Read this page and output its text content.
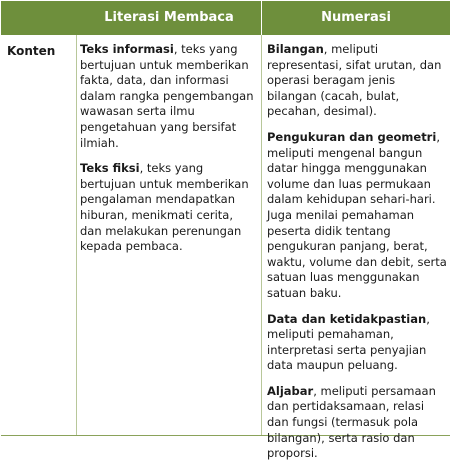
Literasi Membaca	Numerasi
Konten Teks informasi, teks yang bertujuan untuk memberikan fakta, data, dan informasi dalam rangka pengembangan wawasan serta ilmu pengetahuan yang bersifat ilmiah.
Teks fiksi, teks yang bertujuan untuk memberikan pengalaman mendapatkan hiburan, menikmati cerita, dan melakukan perenungan kepada pembaca.
Bilangan, meliputi representasi, sifat urutan, dan operasi beragam jenis bilangan (cacah, bulat, pecahan, desimal).
Pengukuran dan geometri, meliputi mengenal bangun datar hingga menggunakan volume dan luas permukaan dalam kehidupan sehari-hari. Juga menilai pemahaman peserta didik tentang pengukuran panjang, berat, waktu, volume dan debit, serta satuan luas menggunakan satuan baku.
Data dan ketidakpastian, meliputi pemahaman, interpretasi serta penyajian data maupun peluang.
Aljabar, meliputi persamaan dan pertidaksamaan, relasi dan fungsi (termasuk pola bilangan), serta rasio dan proporsi.
